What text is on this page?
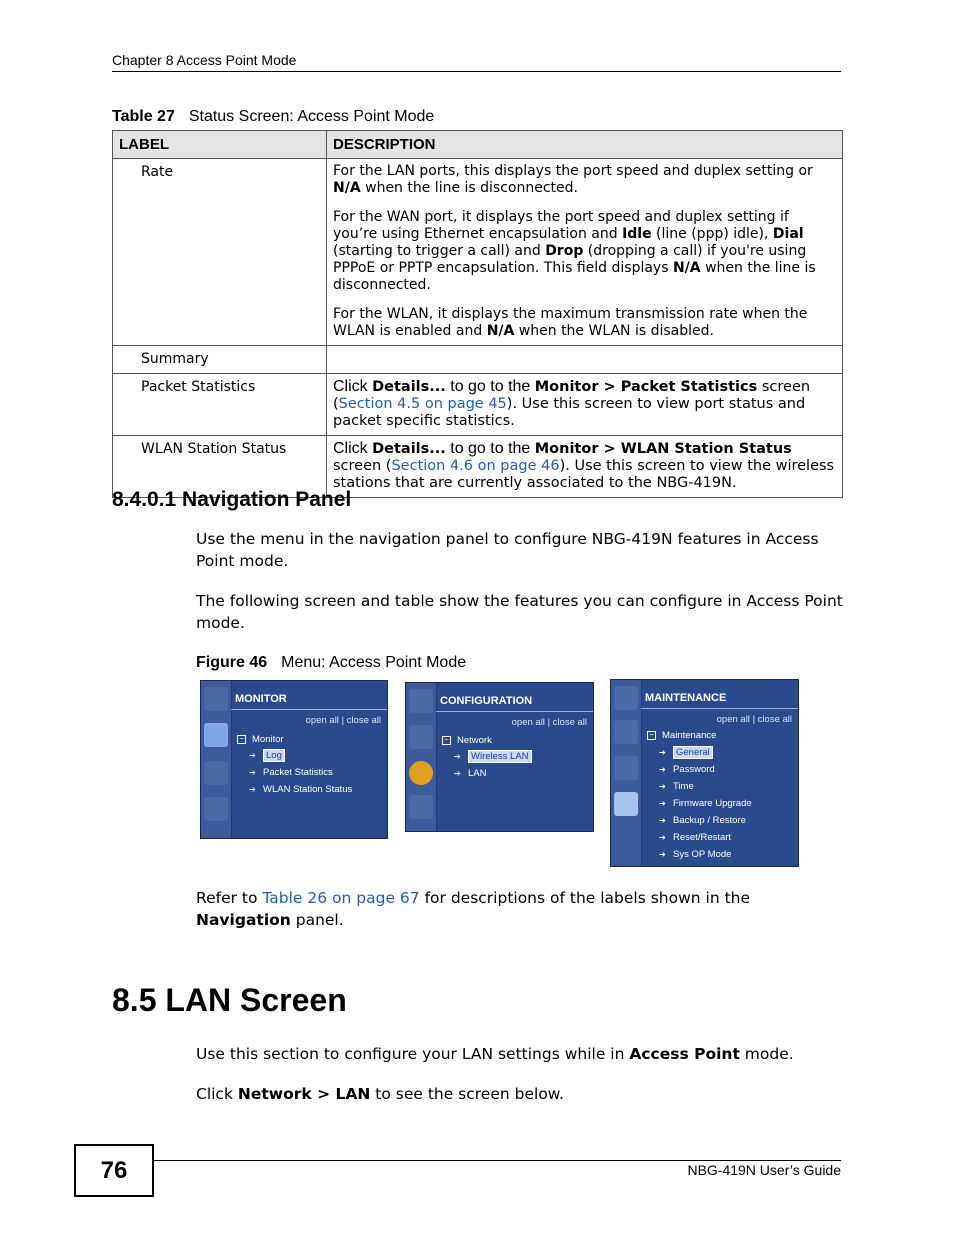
Chapter 8 Access Point Mode
Table 27 Status Screen: Access Point Mode
LABEL	DESCRIPTION
Rate	For the LAN ports, this displays the port speed and duplex setting or N/A when the line is disconnected.

For the WAN port, it displays the port speed and duplex setting if you’re using Ethernet encapsulation and Idle (line (ppp) idle), Dial (starting to trigger a call) and Drop (dropping a call) if you're using PPPoE or PPTP encapsulation. This field displays N/A when the line is disconnected.

For the WLAN, it displays the maximum transmission rate when the WLAN is enabled and N/A when the WLAN is disabled.

Summary	
Packet Statistics	Click Details... to go to the Monitor > Packet Statistics screen (Section 4.5 on page 45). Use this screen to view port status and packet specific statistics.
WLAN Station Status	Click Details... to go to the Monitor > WLAN Station Status screen (Section 4.6 on page 46). Use this screen to view the wireless stations that are currently associated to the NBG-419N.
8.4.0.1 Navigation Panel
Use the menu in the navigation panel to configure NBG-419N features in Access Point mode.
The following screen and table show the features you can configure in Access Point mode.
Figure 46 Menu: Access Point Mode
MONITOR
open all | close all
− Monitor
➔ Log
➔ Packet Statistics
➔ WLAN Station Status
CONFIGURATION
open all | close all
− Network
➔ Wireless LAN
➔ LAN
MAINTENANCE
open all | close all
− Maintenance
➔ General
➔ Password
➔ Time
➔ Firmware Upgrade
➔ Backup / Restore
➔ Reset/Restart
➔ Sys OP Mode
Refer to Table 26 on page 67 for descriptions of the labels shown in the Navigation panel.
8.5 LAN Screen
Use this section to configure your LAN settings while in Access Point mode.
Click Network > LAN to see the screen below.
76	NBG-419N User’s Guide
